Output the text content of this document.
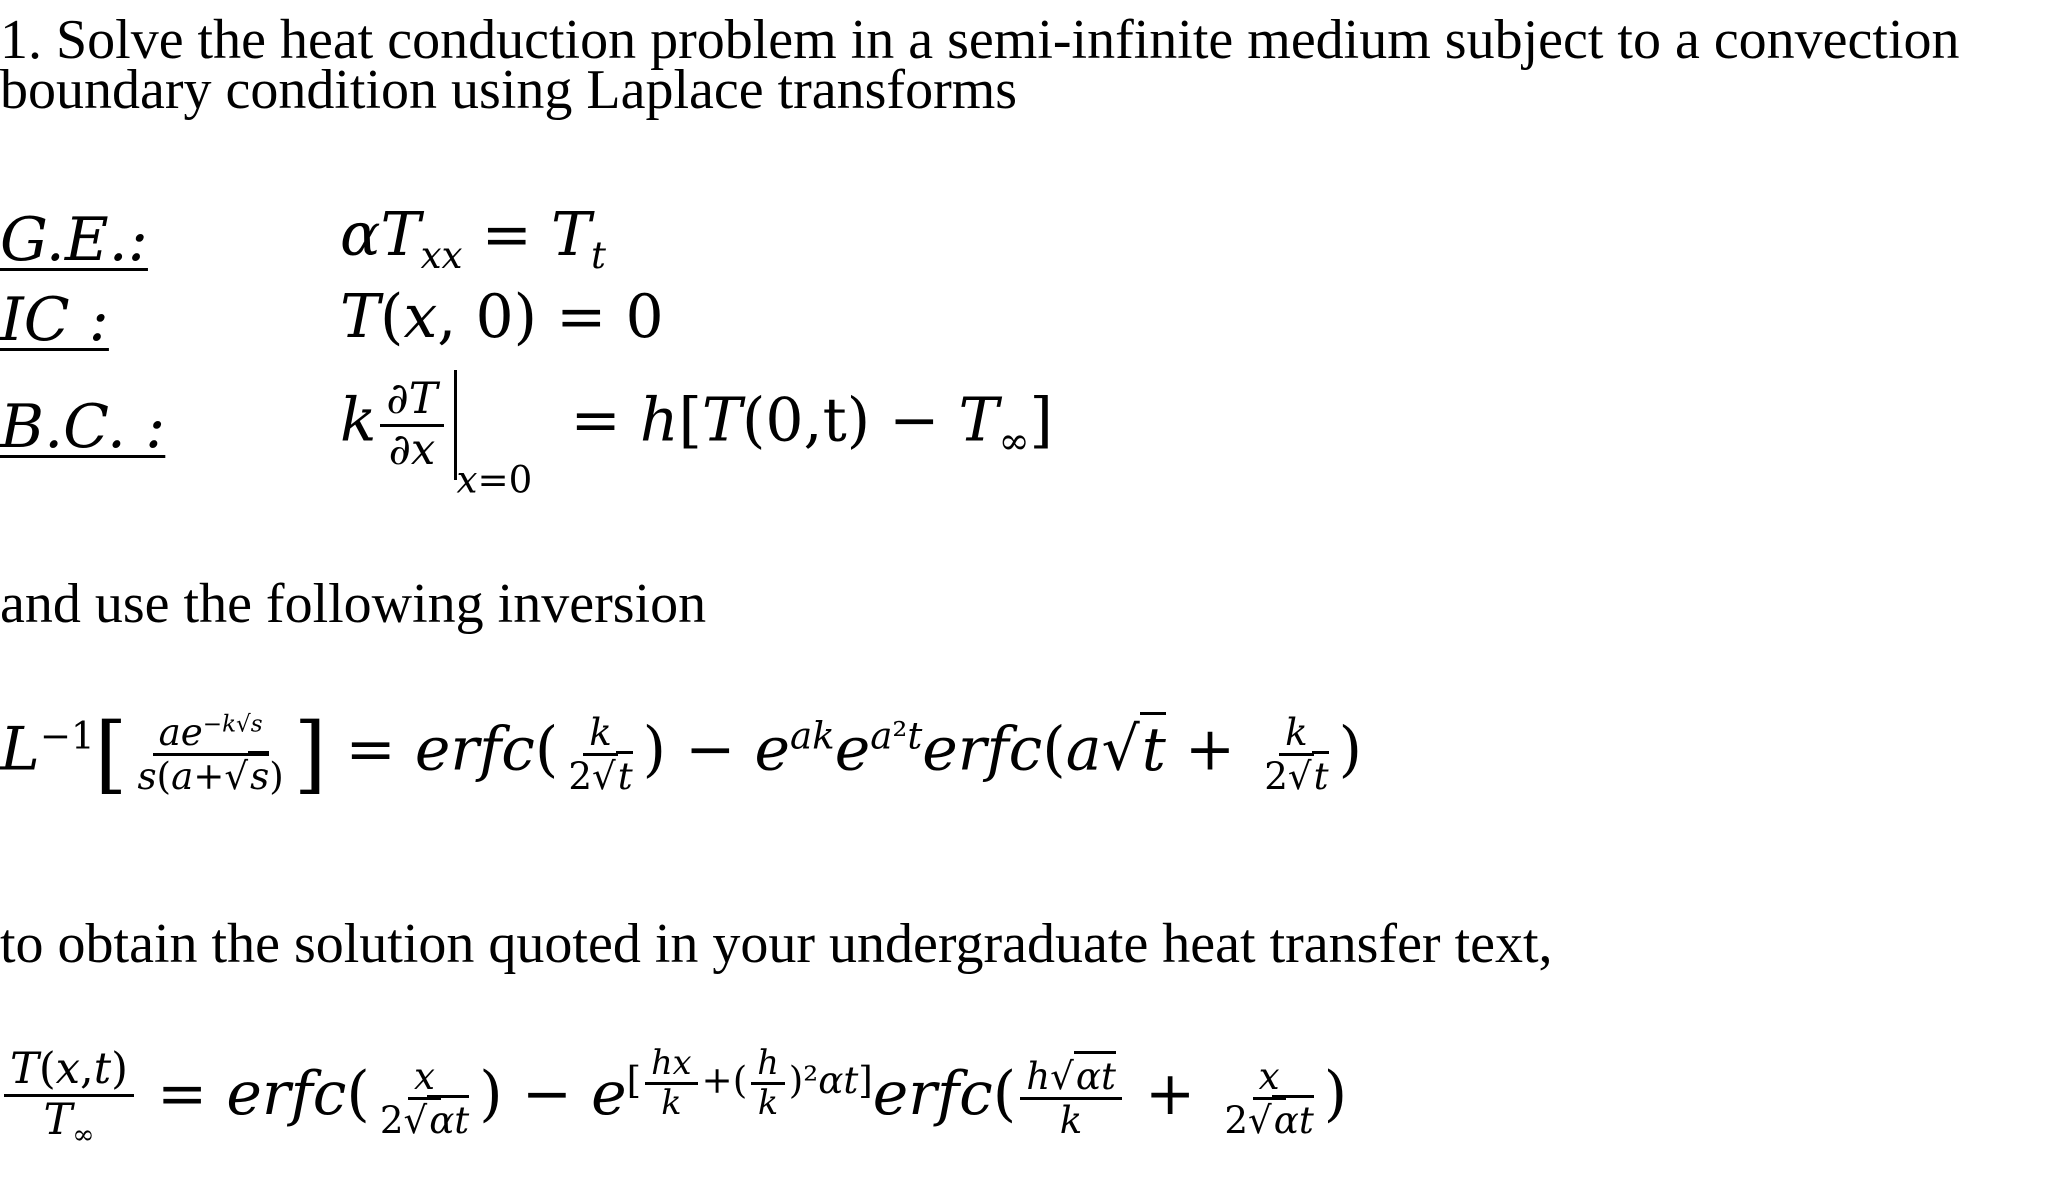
1. Solve the heat conduction problem in a semi-infinite medium subject to a convection
boundary condition using Laplace transforms
G.E.:
IC :
B.C. :
$\alpha T_{xx} = T_t$
T(x, 0) = 0
k $\frac{\partial T}{\partial x}$
$_{x=0} = h[T(0,t) - T_\infty]$
and use the following inversion
$L^{-1}[ \frac{ae^{-k√s}}{s(a+√s)}$ ] = erfc( $\frac{k}{2√t}$ ) − $e^{ak}e^{a^2t}erfc(a√t + \frac{k}{2√t}$ )
to obtain the solution quoted in your undergraduate heat transfer text,
$\frac{T(x,t)}{T_\infty}$ = erfc( $\frac{x}{2√\alpha t}$ ) − e[ hx
k +( h
k )²αt]erfc( $\frac{h√\alpha t}{k} + \frac{x}{2√\alpha t}$ )
